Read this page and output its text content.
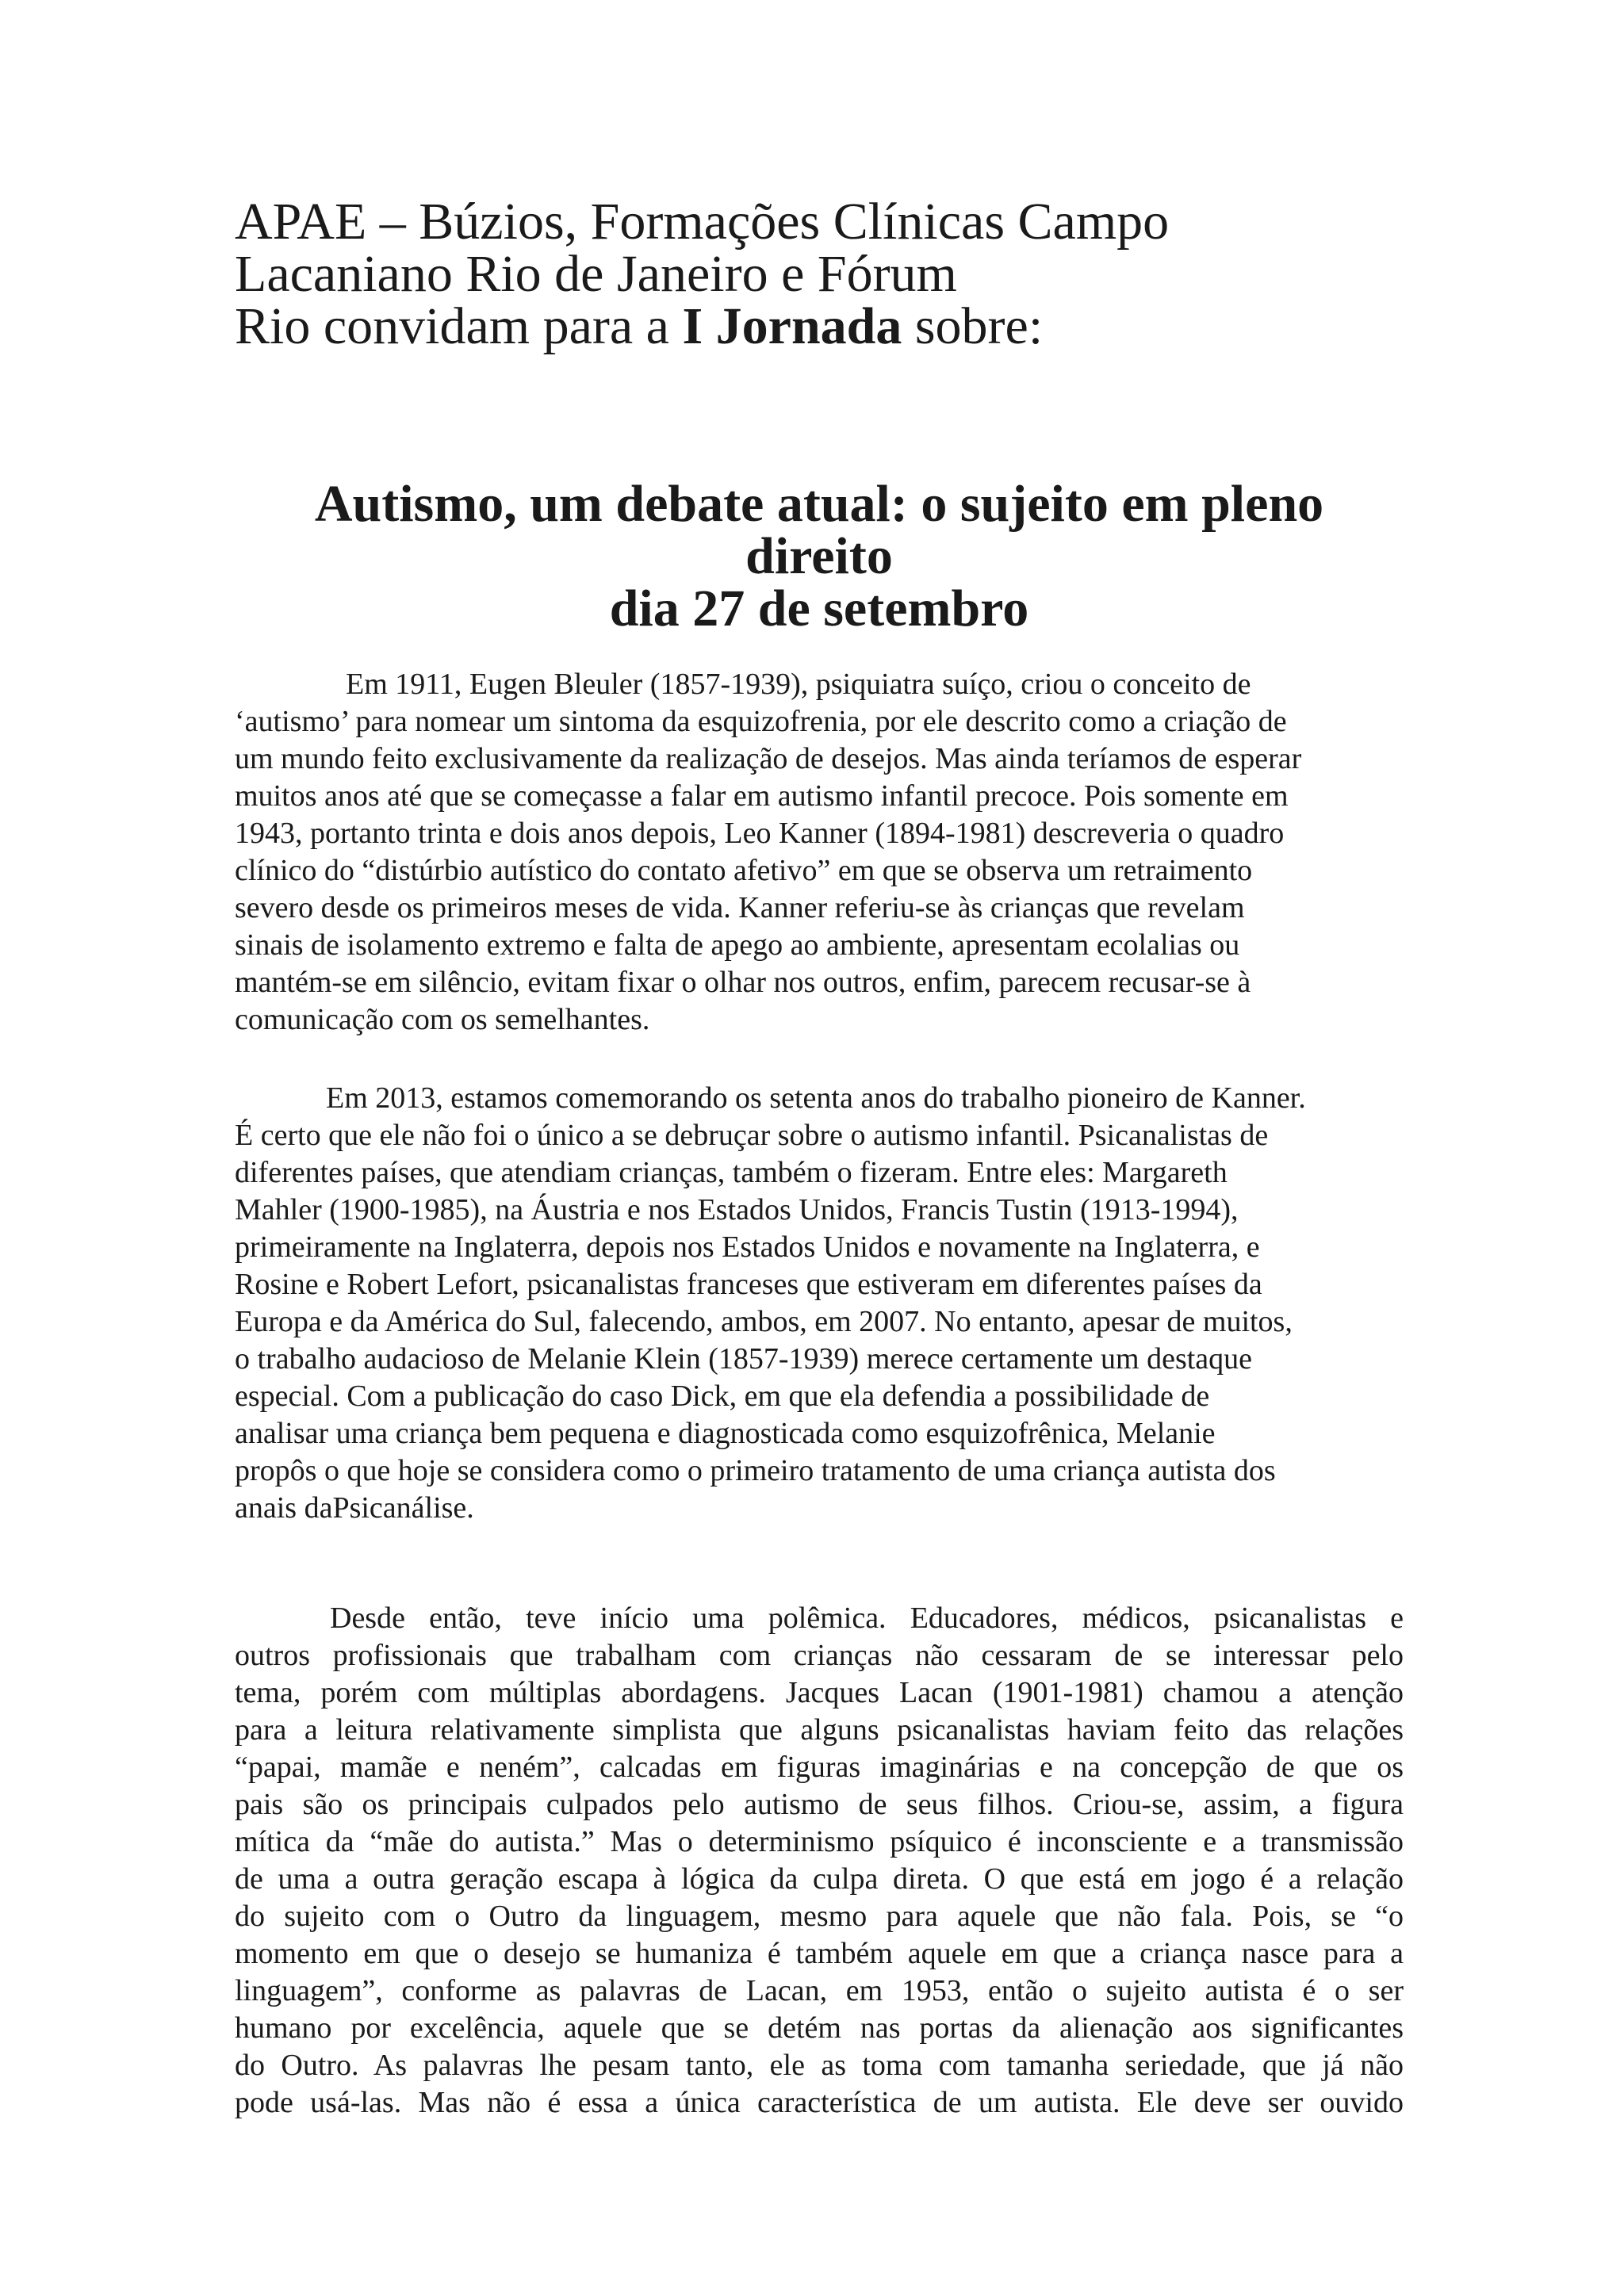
APAE – Búzios, Formações Clínicas Campo
Lacaniano Rio de Janeiro e Fórum
Rio convidam para a I Jornada sobre:
Autismo, um debate atual: o sujeito em pleno
direito
dia 27 de setembro
Em 1911, Eugen Bleuler (1857-1939), psiquiatra suíço, criou o conceito de
‘autismo’ para nomear um sintoma da esquizofrenia, por ele descrito como a criação de
um mundo feito exclusivamente da realização de desejos. Mas ainda teríamos de esperar
muitos anos até que se começasse a falar em autismo infantil precoce. Pois somente em
1943, portanto trinta e dois anos depois, Leo Kanner (1894-1981) descreveria o quadro
clínico do “distúrbio autístico do contato afetivo” em que se observa um retraimento
severo desde os primeiros meses de vida. Kanner referiu-se às crianças que revelam
sinais de isolamento extremo e falta de apego ao ambiente, apresentam ecolalias ou
mantém-se em silêncio, evitam fixar o olhar nos outros, enfim, parecem recusar-se à
comunicação com os semelhantes.
Em 2013, estamos comemorando os setenta anos do trabalho pioneiro de Kanner.
É certo que ele não foi o único a se debruçar sobre o autismo infantil. Psicanalistas de
diferentes países, que atendiam crianças, também o fizeram. Entre eles: Margareth
Mahler (1900-1985), na Áustria e nos Estados Unidos, Francis Tustin (1913-1994),
primeiramente na Inglaterra, depois nos Estados Unidos e novamente na Inglaterra, e
Rosine e Robert Lefort, psicanalistas franceses que estiveram em diferentes países da
Europa e da América do Sul, falecendo, ambos, em 2007. No entanto, apesar de muitos,
o trabalho audacioso de Melanie Klein (1857-1939) merece certamente um destaque
especial. Com a publicação do caso Dick, em que ela defendia a possibilidade de
analisar uma criança bem pequena e diagnosticada como esquizofrênica, Melanie
propôs o que hoje se considera como o primeiro tratamento de uma criança autista dos
anais daPsicanálise.
Desde então, teve início uma polêmica. Educadores, médicos, psicanalistas e
outros profissionais que trabalham com crianças não cessaram de se interessar pelo
tema, porém com múltiplas abordagens. Jacques Lacan (1901-1981) chamou a atenção
para a leitura relativamente simplista que alguns psicanalistas haviam feito das relações
“papai, mamãe e neném”, calcadas em figuras imaginárias e na concepção de que os
pais são os principais culpados pelo autismo de seus filhos. Criou-se, assim, a figura
mítica da “mãe do autista.” Mas o determinismo psíquico é inconsciente e a transmissão
de uma a outra geração escapa à lógica da culpa direta. O que está em jogo é a relação
do sujeito com o Outro da linguagem, mesmo para aquele que não fala. Pois, se “o
momento em que o desejo se humaniza é também aquele em que a criança nasce para a
linguagem”, conforme as palavras de Lacan, em 1953, então o sujeito autista é o ser
humano por excelência, aquele que se detém nas portas da alienação aos significantes
do Outro. As palavras lhe pesam tanto, ele as toma com tamanha seriedade, que já não
pode usá-las. Mas não é essa a única característica de um autista. Ele deve ser ouvido
